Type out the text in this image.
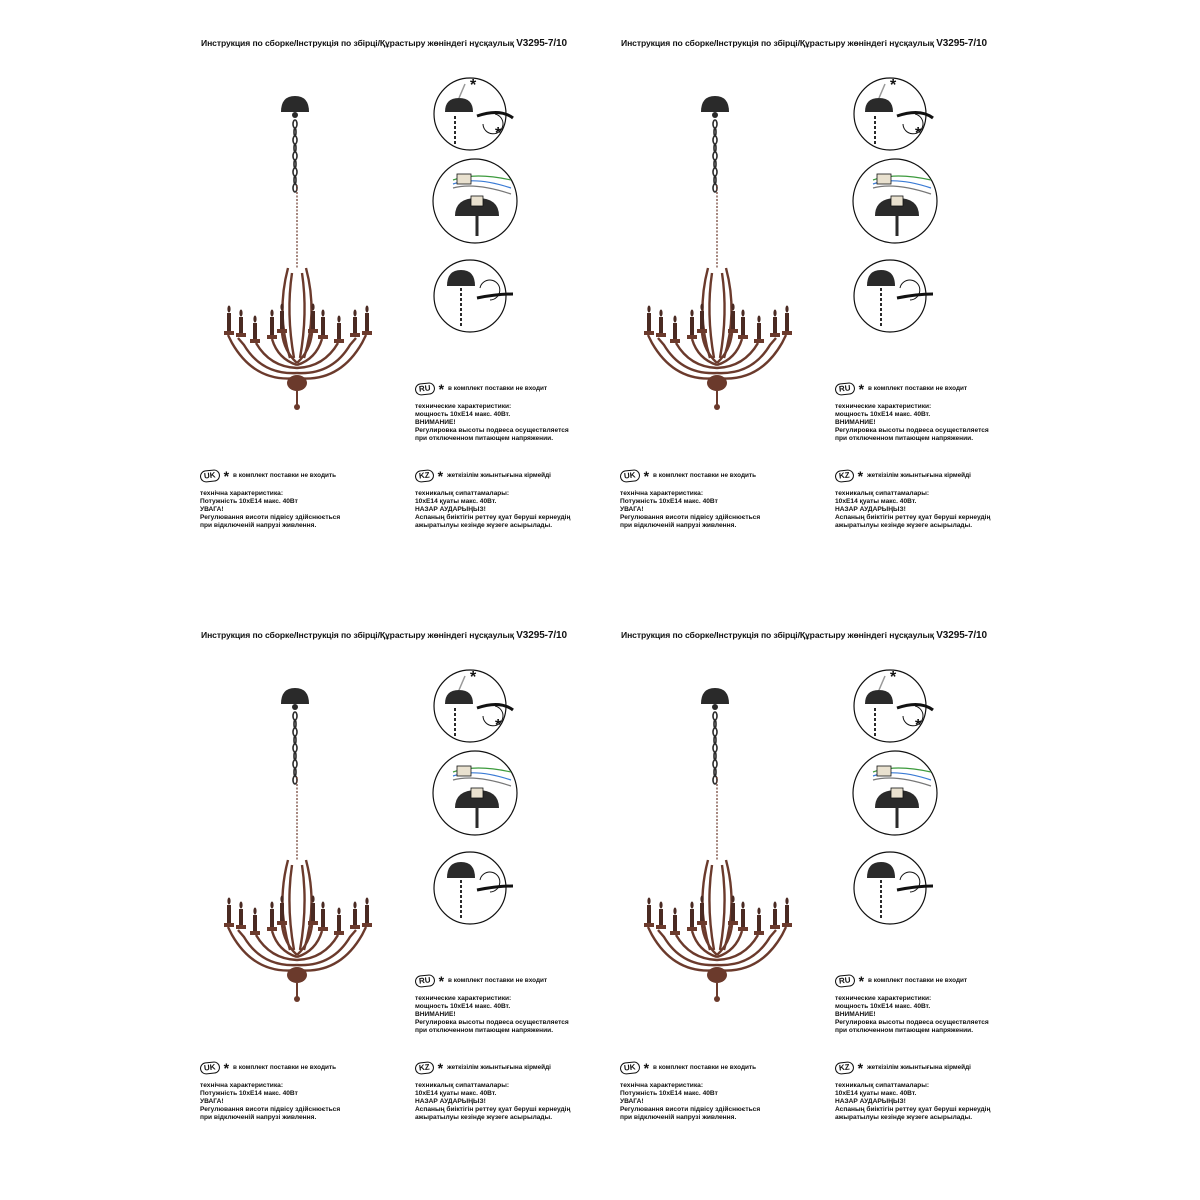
Инструкция по сборке/Інструкція по збірці/Құрастыру жөніндегі нұсқаулық V3295-7/10
*
*
RU * в комплект поставки не входит
технические характеристики:
мощность 10хE14 макс. 40Вт.
ВНИМАНИЕ!
Регулировка высоты подвеса осуществляется
при отключенном питающем напряжении.
UK * в комплект поставки не входить
технічна характеристика:
Потужність 10хE14 макс. 40Вт
УВАГА!
Регулювання висоти підвісу здійснюється
при відключеній напрузі живлення.
KZ * жеткізілім жиынтығына кірмейді
техникалық сипаттамалары:
10хE14 қуаты макс. 40Вт.
НАЗАР АУДАРЫҢЫЗ!
Аспаның биіктігін реттеу қуат беруші кернеудің
ажыратылуы кезінде жүзеге асырылады.
Инструкция по сборке/Інструкція по збірці/Құрастыру жөніндегі нұсқаулық V3295-7/10
*
*
RU * в комплект поставки не входит
технические характеристики:
мощность 10хE14 макс. 40Вт.
ВНИМАНИЕ!
Регулировка высоты подвеса осуществляется
при отключенном питающем напряжении.
UK * в комплект поставки не входить
технічна характеристика:
Потужність 10хE14 макс. 40Вт
УВАГА!
Регулювання висоти підвісу здійснюється
при відключеній напрузі живлення.
KZ * жеткізілім жиынтығына кірмейді
техникалық сипаттамалары:
10хE14 қуаты макс. 40Вт.
НАЗАР АУДАРЫҢЫЗ!
Аспаның биіктігін реттеу қуат беруші кернеудің
ажыратылуы кезінде жүзеге асырылады.
Инструкция по сборке/Інструкція по збірці/Құрастыру жөніндегі нұсқаулық V3295-7/10
*
*
RU * в комплект поставки не входит
технические характеристики:
мощность 10хE14 макс. 40Вт.
ВНИМАНИЕ!
Регулировка высоты подвеса осуществляется
при отключенном питающем напряжении.
UK * в комплект поставки не входить
технічна характеристика:
Потужність 10хE14 макс. 40Вт
УВАГА!
Регулювання висоти підвісу здійснюється
при відключеній напрузі живлення.
KZ * жеткізілім жиынтығына кірмейді
техникалық сипаттамалары:
10хE14 қуаты макс. 40Вт.
НАЗАР АУДАРЫҢЫЗ!
Аспаның биіктігін реттеу қуат беруші кернеудің
ажыратылуы кезінде жүзеге асырылады.
Инструкция по сборке/Інструкція по збірці/Құрастыру жөніндегі нұсқаулық V3295-7/10
*
*
RU * в комплект поставки не входит
технические характеристики:
мощность 10хE14 макс. 40Вт.
ВНИМАНИЕ!
Регулировка высоты подвеса осуществляется
при отключенном питающем напряжении.
UK * в комплект поставки не входить
технічна характеристика:
Потужність 10хE14 макс. 40Вт
УВАГА!
Регулювання висоти підвісу здійснюється
при відключеній напрузі живлення.
KZ * жеткізілім жиынтығына кірмейді
техникалық сипаттамалары:
10хE14 қуаты макс. 40Вт.
НАЗАР АУДАРЫҢЫЗ!
Аспаның биіктігін реттеу қуат беруші кернеудің
ажыратылуы кезінде жүзеге асырылады.
